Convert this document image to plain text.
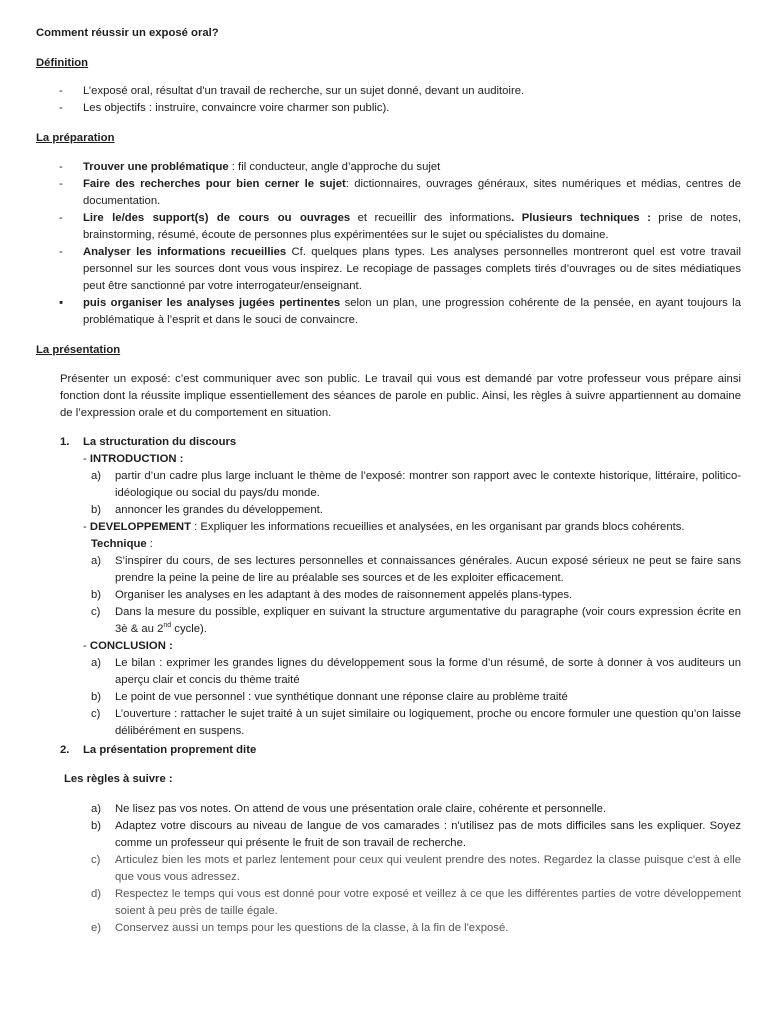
Comment réussir un exposé oral?
Définition
- L’exposé oral, résultat d'un travail de recherche, sur un sujet donné, devant un auditoire.
- Les objectifs : instruire, convaincre voire charmer son public).
La préparation
- Trouver une problématique : fil conducteur, angle d’approche du sujet
- Faire des recherches pour bien cerner le sujet: dictionnaires, ouvrages généraux, sites numériques et médias, centres de documentation.
- Lire le/des support(s) de cours ou ouvrages et recueillir des informations. Plusieurs techniques : prise de notes, brainstorming, résumé, écoute de personnes plus expérimentées sur le sujet ou spécialistes du domaine.
- Analyser les informations recueillies Cf. quelques plans types. Les analyses personnelles montreront quel est votre travail personnel sur les sources dont vous vous inspirez. Le recopiage de passages complets tirés d’ouvrages ou de sites médiatiques peut être sanctionné par votre interrogateur/enseignant.
▪ puis organiser les analyses jugées pertinentes selon un plan, une progression cohérente de la pensée, en ayant toujours la problématique à l’esprit et dans le souci de convaincre.
La présentation

Présenter un exposé: c’est communiquer avec son public. Le travail qui vous est demandé par votre professeur vous prépare ainsi fonction dont la réussite implique essentiellement des séances de parole en public. Ainsi, les règles à suivre appartiennent au domaine de l’expression orale et du comportement en situation.

1. La structuration du discours
- INTRODUCTION :
a) partir d’un cadre plus large incluant le thème de l’exposé: montrer son rapport avec le contexte historique, littéraire, politico-idéologique ou social du pays/du monde.
b) annoncer les grandes du développement.
- DEVELOPPEMENT : Expliquer les informations recueillies et analysées, en les organisant par grands blocs cohérents.
Technique :
a) S’inspirer du cours, de ses lectures personnelles et connaissances générales. Aucun exposé sérieux ne peut se faire sans prendre la peine la peine de lire au préalable ses sources et de les exploiter efficacement.
b) Organiser les analyses en les adaptant à des modes de raisonnement appelés plans-types.
c) Dans la mesure du possible, expliquer en suivant la structure argumentative du paragraphe (voir cours expression écrite en 3è & au 2nd cycle).
- CONCLUSION :
a) Le bilan : exprimer les grandes lignes du développement sous la forme d’un résumé, de sorte à donner à vos auditeurs un aperçu clair et concis du thème traité
b) Le point de vue personnel : vue synthétique donnant une réponse claire au problème traité
c) L’ouverture : rattacher le sujet traité à un sujet similaire ou logiquement, proche ou encore formuler une question qu’on laisse délibérément en suspens.
2. La présentation proprement dite
Les règles à suivre :
a) Ne lisez pas vos notes. On attend de vous une présentation orale claire, cohérente et personnelle.
b) Adaptez votre discours au niveau de langue de vos camarades : n'utilisez pas de mots difficiles sans les expliquer. Soyez comme un professeur qui présente le fruit de son travail de recherche.
c) Articulez bien les mots et parlez lentement pour ceux qui veulent prendre des notes. Regardez la classe puisque c'est à elle que vous vous adressez.
d) Respectez le temps qui vous est donné pour votre exposé et veillez à ce que les différentes parties de votre développement soient à peu près de taille égale.
e) Conservez aussi un temps pour les questions de la classe, à la fin de l'exposé.
